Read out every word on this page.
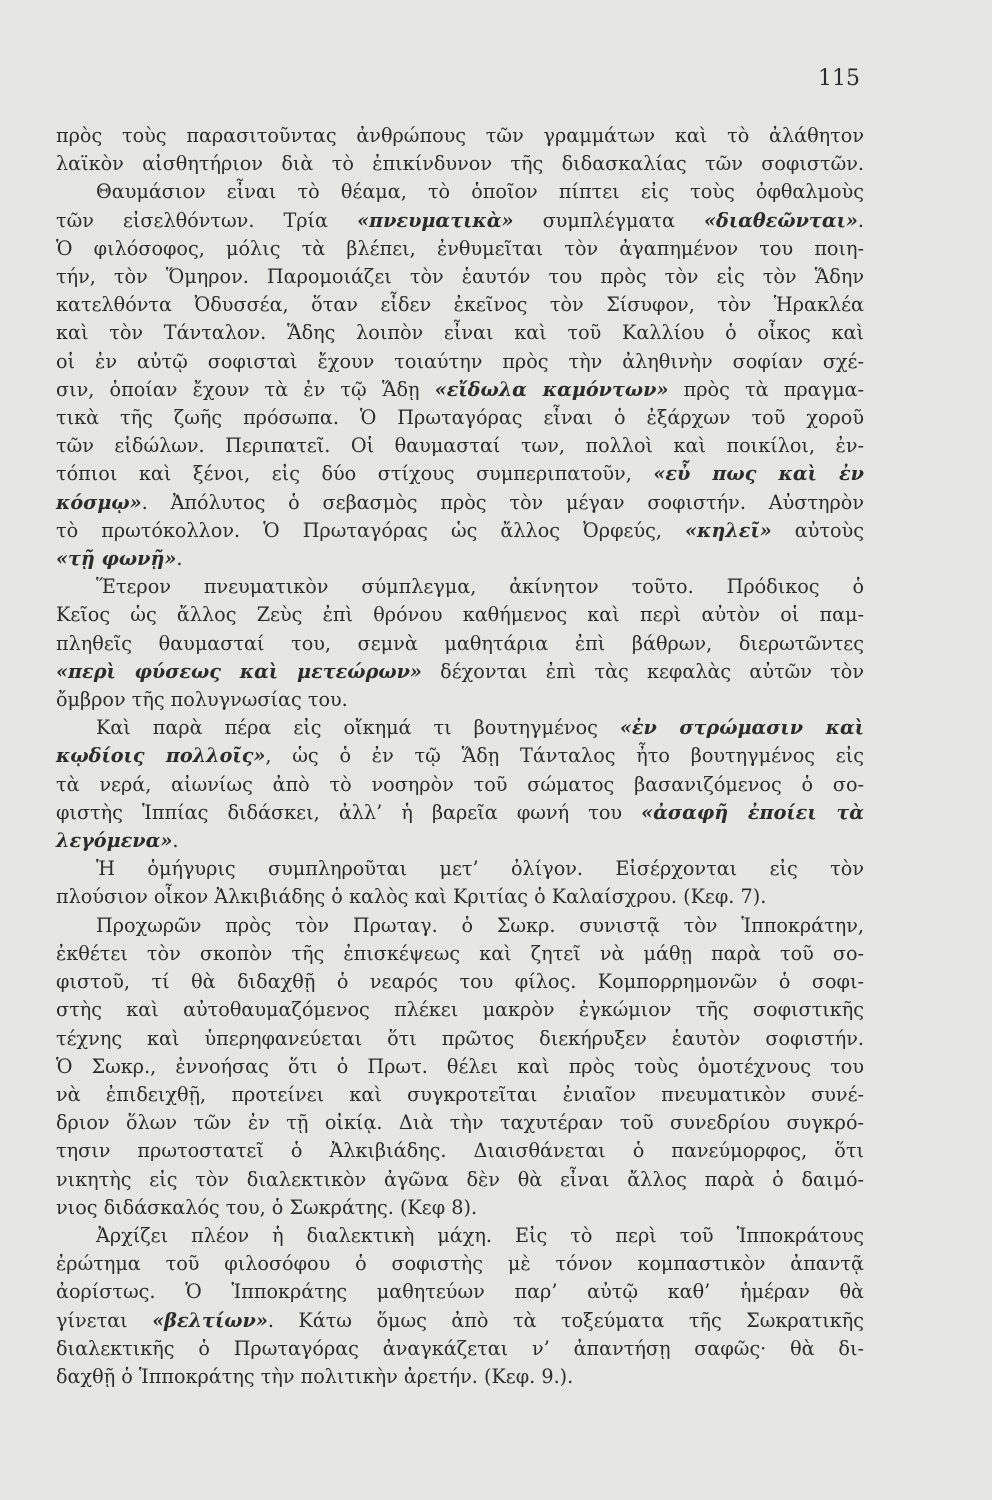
115
πρὸς τοὺς παρασιτοῦντας ἀνθρώπους τῶν γραμμάτων καὶ τὸ ἀλάθητον
λαϊκὸν αἰσθητήριον διὰ τὸ ἐπικίνδυνον τῆς διδασκαλίας τῶν σοφιστῶν.
Θαυμάσιον εἶναι τὸ θέαμα, τὸ ὁποῖον πίπτει εἰς τοὺς ὀφθαλμοὺς
τῶν εἰσελθόντων. Τρία «πνευματικὰ» συμπλέγματα «διαθεῶνται».
Ὁ φιλόσοφος, μόλις τὰ βλέπει, ἐνθυμεῖται τὸν ἀγαπημένον του ποιη-
τήν, τὸν Ὅμηρον. Παρομοιάζει τὸν ἑαυτόν του πρὸς τὸν εἰς τὸν Ἅδην
κατελθόντα Ὀδυσσέα, ὅταν εἶδεν ἐκεῖνος τὸν Σίσυφον, τὸν Ἡρακλέα
καὶ τὸν Τάνταλον. Ἅδης λοιπὸν εἶναι καὶ τοῦ Καλλίου ὁ οἶκος καὶ
οἱ ἐν αὐτῷ σοφισταὶ ἔχουν τοιαύτην πρὸς τὴν ἀληθινὴν σοφίαν σχέ-
σιν, ὁποίαν ἔχουν τὰ ἐν τῷ Ἅδῃ «εἴδωλα καμόντων» πρὸς τὰ πραγμα-
τικὰ τῆς ζωῆς πρόσωπα. Ὁ Πρωταγόρας εἶναι ὁ ἐξάρχων τοῦ χοροῦ
τῶν εἰδώλων. Περιπατεῖ. Οἱ θαυμασταί των, πολλοὶ καὶ ποικίλοι, ἐν-
τόπιοι καὶ ξένοι, εἰς δύο στίχους συμπεριπατοῦν, «εὖ πως καὶ ἐν
κόσμῳ». Ἀπόλυτος ὁ σεβασμὸς πρὸς τὸν μέγαν σοφιστήν. Αὐστηρὸν
τὸ πρωτόκολλον. Ὁ Πρωταγόρας ὡς ἄλλος Ὀρφεύς, «κηλεῖ» αὐτοὺς
«τῇ φωνῇ».
Ἕτερον πνευματικὸν σύμπλεγμα, ἀκίνητον τοῦτο. Πρόδικος ὁ
Κεῖος ὡς ἄλλος Ζεὺς ἐπὶ θρόνου καθήμενος καὶ περὶ αὐτὸν οἱ παμ-
πληθεῖς θαυμασταί του, σεμνὰ μαθητάρια ἐπὶ βάθρων, διερωτῶντες
«περὶ φύσεως καὶ μετεώρων» δέχονται ἐπὶ τὰς κεφαλὰς αὐτῶν τὸν
ὄμβρον τῆς πολυγνωσίας του.
Καὶ παρὰ πέρα εἰς οἴκημά τι βουτηγμένος «ἐν στρώμασιν καὶ
κῳδίοις πολλοῖς», ὡς ὁ ἐν τῷ Ἅδῃ Τάνταλος ἦτο βουτηγμένος εἰς
τὰ νερά, αἰωνίως ἀπὸ τὸ νοσηρὸν τοῦ σώματος βασανιζόμενος ὁ σο-
φιστὴς Ἱππίας διδάσκει, ἀλλ’ ἡ βαρεῖα φωνή του «ἀσαφῆ ἐποίει τὰ
λεγόμενα».
Ἡ ὁμήγυρις συμπληροῦται μετ’ ὀλίγον. Εἰσέρχονται εἰς τὸν
πλούσιον οἶκον Ἀλκιβιάδης ὁ καλὸς καὶ Κριτίας ὁ Καλαίσχρου. (Κεφ. 7).
Προχωρῶν πρὸς τὸν Πρωταγ. ὁ Σωκρ. συνιστᾷ τὸν Ἱπποκράτην,
ἐκθέτει τὸν σκοπὸν τῆς ἐπισκέψεως καὶ ζητεῖ νὰ μάθῃ παρὰ τοῦ σο-
φιστοῦ, τί θὰ διδαχθῇ ὁ νεαρός του φίλος. Κομπορρημονῶν ὁ σοφι-
στὴς καὶ αὐτοθαυμαζόμενος πλέκει μακρὸν ἐγκώμιον τῆς σοφιστικῆς
τέχνης καὶ ὑπερηφανεύεται ὅτι πρῶτος διεκήρυξεν ἑαυτὸν σοφιστήν.
Ὁ Σωκρ., ἐννοήσας ὅτι ὁ Πρωτ. θέλει καὶ πρὸς τοὺς ὁμοτέχνους του
νὰ ἐπιδειχθῇ, προτείνει καὶ συγκροτεῖται ἐνιαῖον πνευματικὸν συνέ-
δριον ὅλων τῶν ἐν τῇ οἰκίᾳ. Διὰ τὴν ταχυτέραν τοῦ συνεδρίου συγκρό-
τησιν πρωτοστατεῖ ὁ Ἀλκιβιάδης. Διαισθάνεται ὁ πανεύμορφος, ὅτι
νικητὴς εἰς τὸν διαλεκτικὸν ἀγῶνα δὲν θὰ εἶναι ἄλλος παρὰ ὁ δαιμό-
νιος διδάσκαλός του, ὁ Σωκράτης. (Κεφ 8).
Ἀρχίζει πλέον ἡ διαλεκτικὴ μάχη. Εἰς τὸ περὶ τοῦ Ἱπποκράτους
ἐρώτημα τοῦ φιλοσόφου ὁ σοφιστὴς μὲ τόνον κομπαστικὸν ἀπαντᾷ
ἀορίστως. Ὁ Ἱπποκράτης μαθητεύων παρ’ αὐτῷ καθ’ ἡμέραν θὰ
γίνεται «βελτίων». Κάτω ὅμως ἀπὸ τὰ τοξεύματα τῆς Σωκρατικῆς
διαλεκτικῆς ὁ Πρωταγόρας ἀναγκάζεται ν’ ἀπαντήσῃ σαφῶς· θὰ δι-
δαχθῇ ὁ Ἱπποκράτης τὴν πολιτικὴν ἀρετήν. (Κεφ. 9.).
